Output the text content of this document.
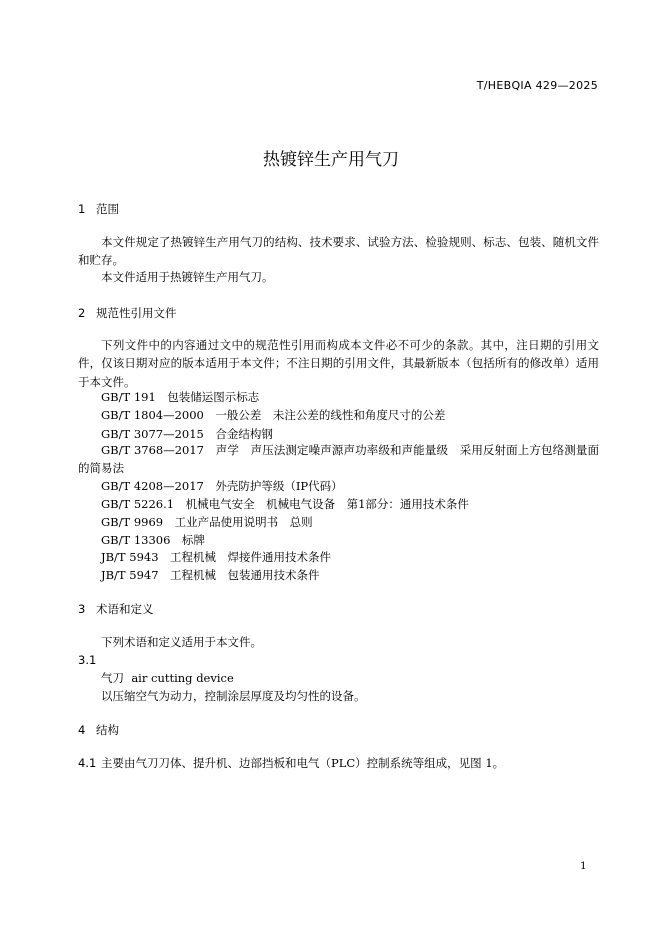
T/HEBQIA 429—2025
热镀锌生产用气刀
1 范围
本文件规定了热镀锌生产用气刀的结构、技术要求、试验方法、检验规则、标志、包装、随机文件和贮存。
本文件适用于热镀锌生产用气刀。
2 规范性引用文件
下列文件中的内容通过文中的规范性引用而构成本文件必不可少的条款。其中，注日期的引用文件，仅该日期对应的版本适用于本文件；不注日期的引用文件，其最新版本（包括所有的修改单）适用于本文件。
GB/T 191　包装储运图示标志
GB/T 1804—2000　一般公差　未注公差的线性和角度尺寸的公差
GB/T 3077—2015　合金结构钢
GB/T 3768—2017　声学　声压法测定噪声源声功率级和声能量级　采用反射面上方包络测量面的简易法
GB/T 4208—2017　外壳防护等级（IP代码）
GB/T 5226.1　机械电气安全　机械电气设备　第1部分：通用技术条件
GB/T 9969　工业产品使用说明书　总则
GB/T 13306　标牌
JB/T 5943　工程机械　焊接件通用技术条件
JB/T 5947　工程机械　包装通用技术条件
3 术语和定义
下列术语和定义适用于本文件。
3.1
气刀 air cutting device
以压缩空气为动力，控制涂层厚度及均匀性的设备。
4 结构
4.1 主要由气刀刀体、提升机、边部挡板和电气（PLC）控制系统等组成，见图 1。
1
